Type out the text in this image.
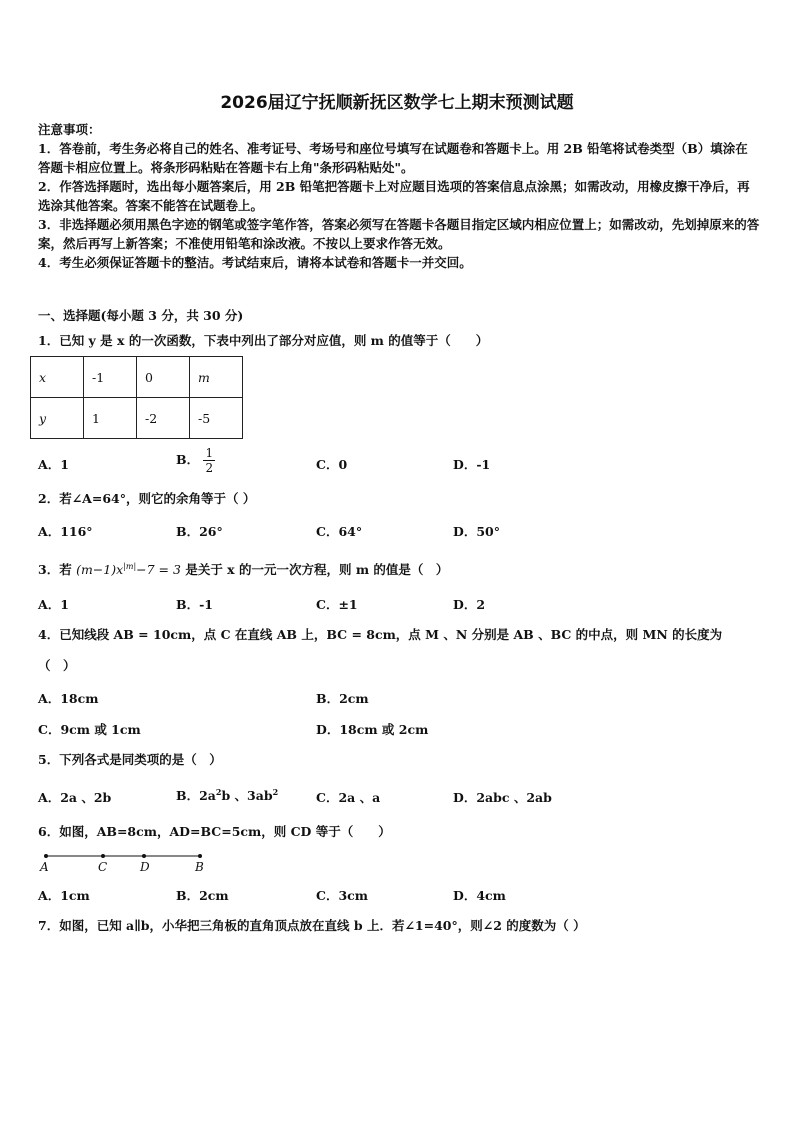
2026届辽宁抚顺新抚区数学七上期末预测试题

注意事项：

1．答卷前，考生务必将自己的姓名、准考证号、考场号和座位号填写在试题卷和答题卡上。用 2B 铅笔将试卷类型（B）填涂在答题卡相应位置上。将条形码粘贴在答题卡右上角"条形码粘贴处"。

2．作答选择题时，选出每小题答案后，用 2B 铅笔把答题卡上对应题目选项的答案信息点涂黑；如需改动，用橡皮擦干净后，再选涂其他答案。答案不能答在试题卷上。

3．非选择题必须用黑色字迹的钢笔或签字笔作答，答案必须写在答题卡各题目指定区域内相应位置上；如需改动，先划掉原来的答案，然后再写上新答案；不准使用铅笔和涂改液。不按以上要求作答无效。

4．考生必须保证答题卡的整洁。考试结束后，请将本试卷和答题卡一并交回。

一、选择题(每小题 3 分，共 30 分)
1．已知 y 是 x 的一次函数，下表中列出了部分对应值，则 m 的值等于（　　）
x	-1	0	m
y	1	-2	-5
A．1	B． $\frac{1}{2}$	C．0	D．-1
2．若∠A=64°，则它的余角等于（ ）
A．116°	B．26°	C．64°	D．50°
3．若 $(m-1)x^{|m|}-7 = 3$ 是关于 x 的一元一次方程，则 m 的值是（　）
A．1	B．-1	C．±1	D．2
4．已知线段 AB = 10cm，点 C 在直线 AB 上，BC = 8cm，点 M 、N 分别是 AB 、BC 的中点，则 MN 的长度为
（　）
A．18cm	B．2cm
C．9cm 或 1cm	D．18cm 或 2cm
5．下列各式是同类项的是（　）
A．2a 、2b	B．$2a^2b$ 、$3ab^2$	C．2a 、a	D．2abc 、2ab
6．如图，AB=8cm，AD=BC=5cm，则 CD 等于（　　）
A	C	D	B
A．1cm	B．2cm	C．3cm	D．4cm
7．如图，已知 a∥b，小华把三角板的直角顶点放在直线 b 上．若∠1=40°，则∠2 的度数为（ ）
